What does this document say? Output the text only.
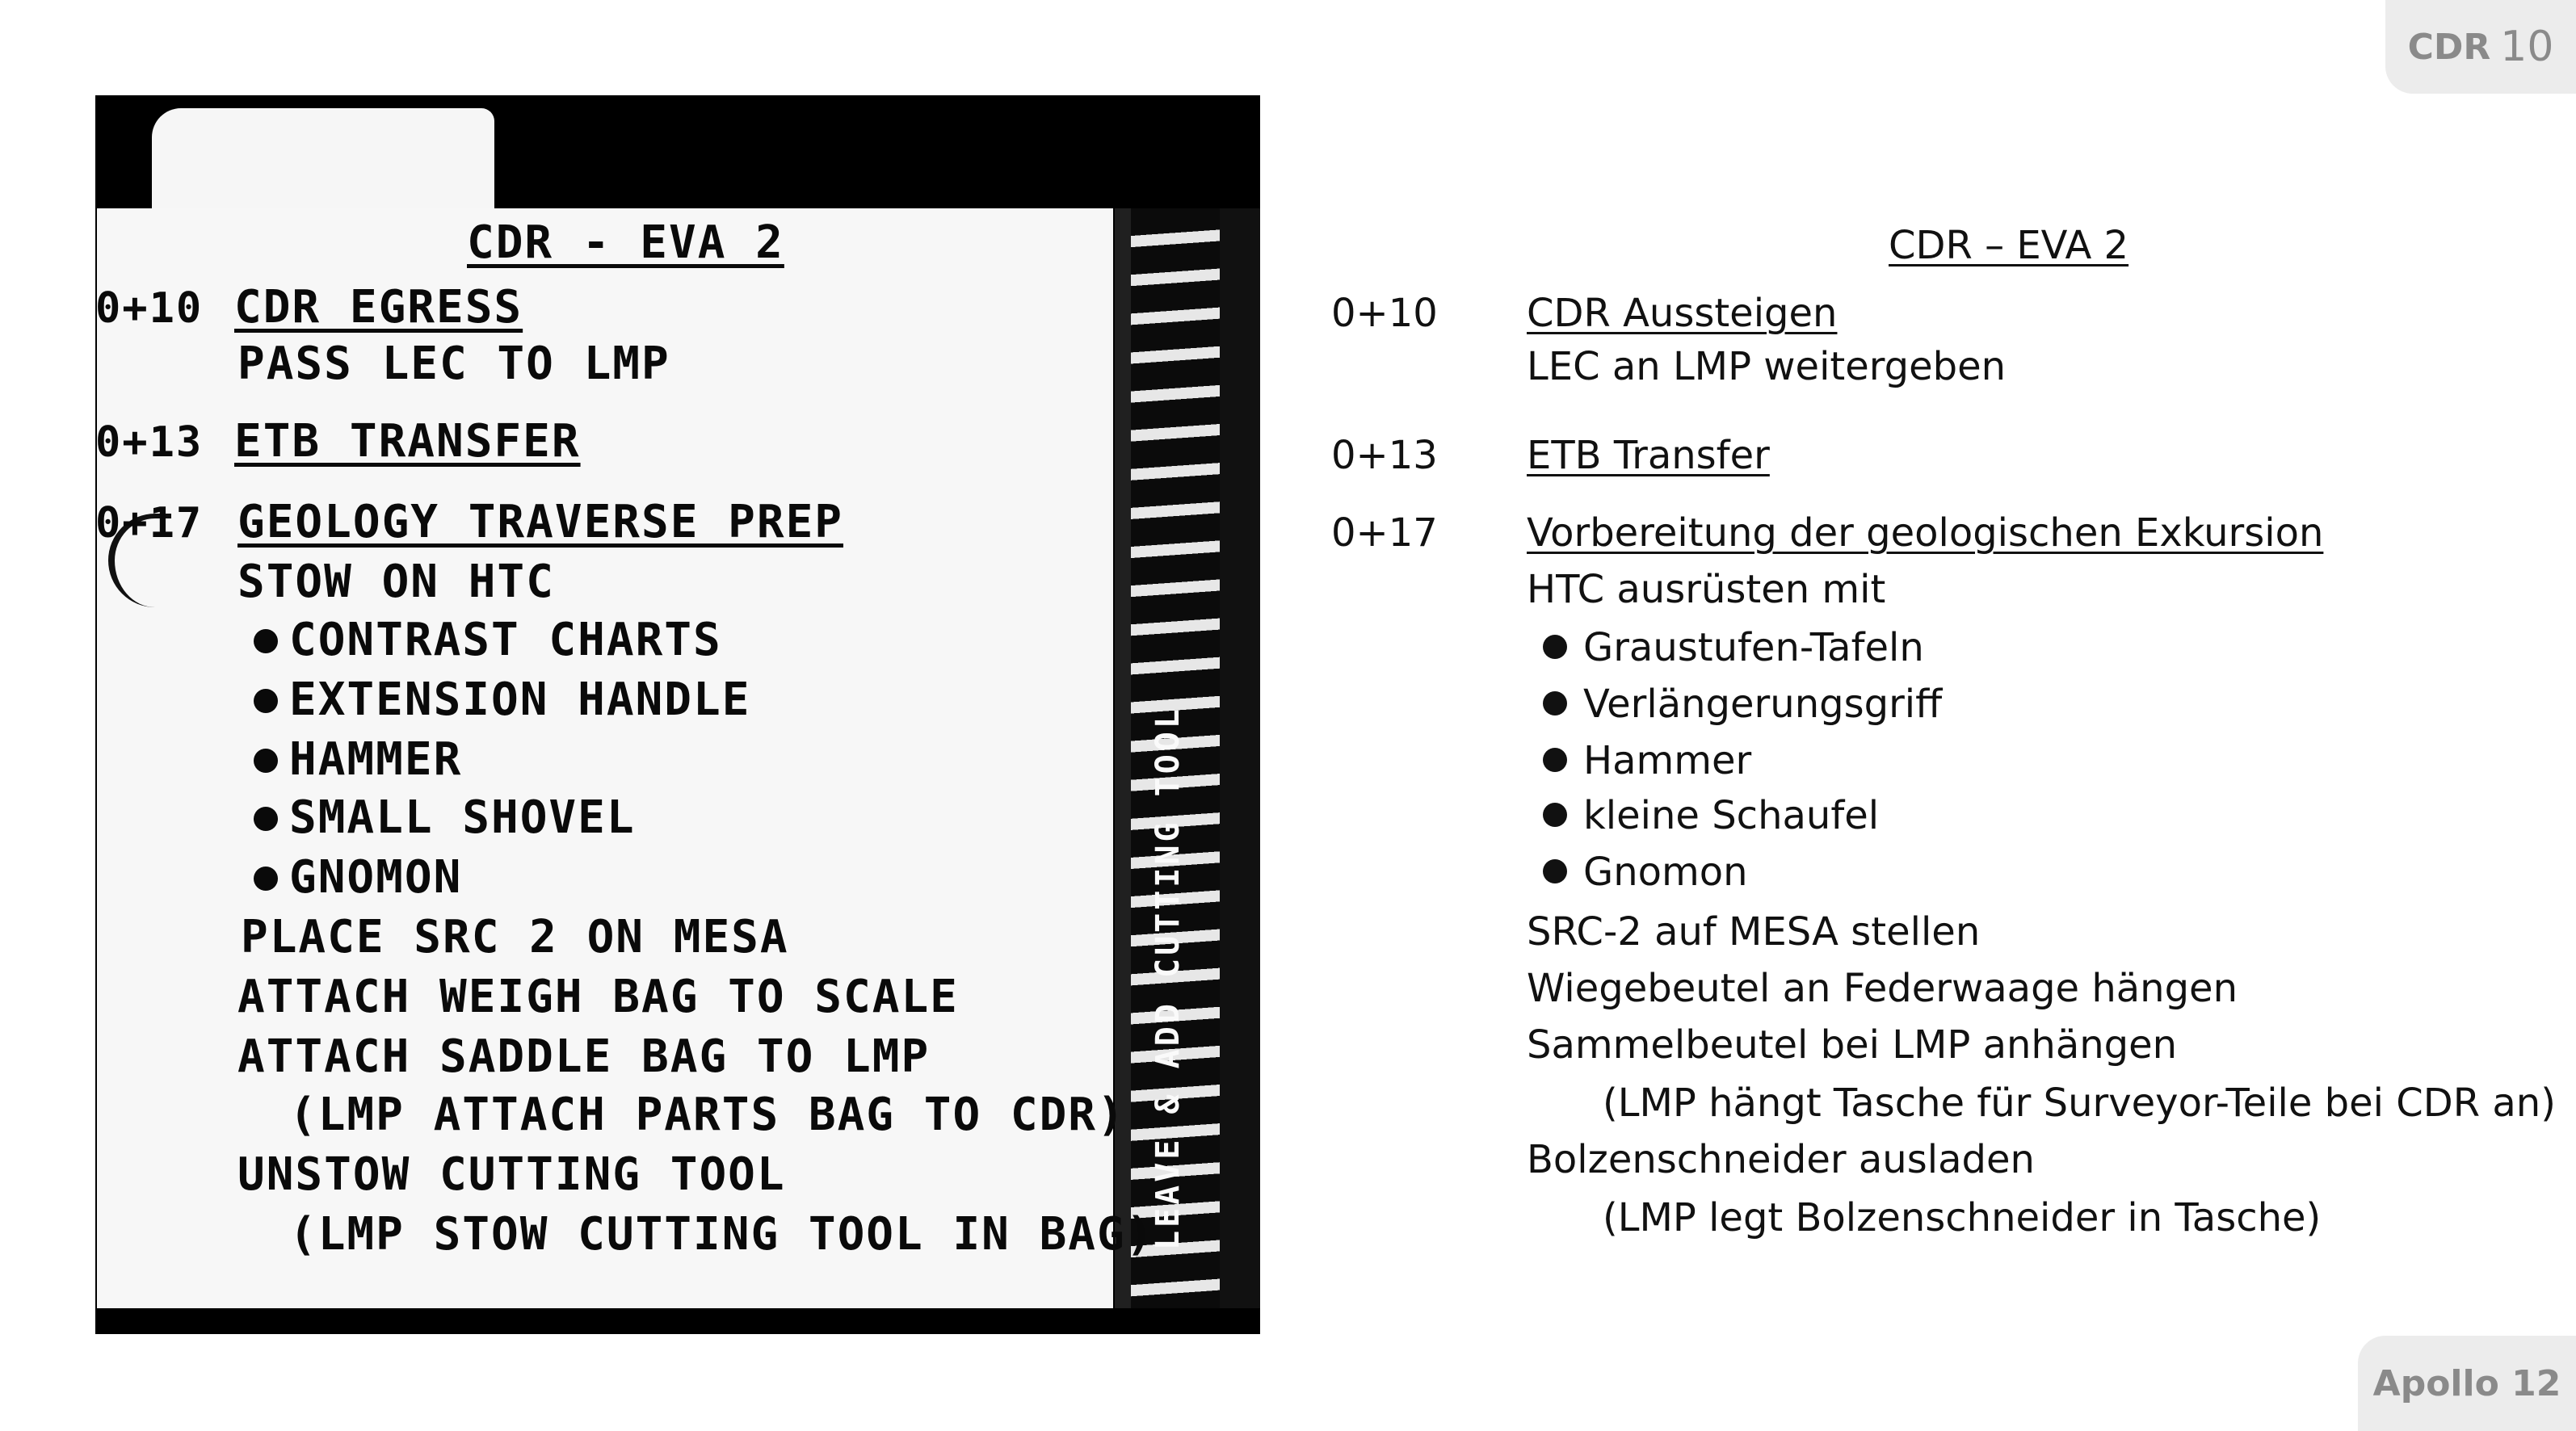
CDR 10
Apollo 12
LEAVE & ADD CUTTING TOOL
CDR - EVA 2
0+10 CDR EGRESS
PASS LEC TO LMP
0+13 ETB TRANSFER
0+17 GEOLOGY TRAVERSE PREP
STOW ON HTC
CONTRAST CHARTS
EXTENSION HANDLE
HAMMER
SMALL SHOVEL
GNOMON
PLACE SRC 2 ON MESA
ATTACH WEIGH BAG TO SCALE
ATTACH SADDLE BAG TO LMP
(LMP ATTACH PARTS BAG TO CDR)
UNSTOW CUTTING TOOL
(LMP STOW CUTTING TOOL IN BAG)
CDR – EVA 2
0+10 CDR Aussteigen
LEC an LMP weitergeben
0+13 ETB Transfer
0+17 Vorbereitung der geologischen Exkursion
HTC ausrüsten mit
Graustufen-Tafeln
Verlängerungsgriff
Hammer
kleine Schaufel
Gnomon
SRC-2 auf MESA stellen
Wiegebeutel an Federwaage hängen
Sammelbeutel bei LMP anhängen
(LMP hängt Tasche für Surveyor-Teile bei CDR an)
Bolzenschneider ausladen
(LMP legt Bolzenschneider in Tasche)
